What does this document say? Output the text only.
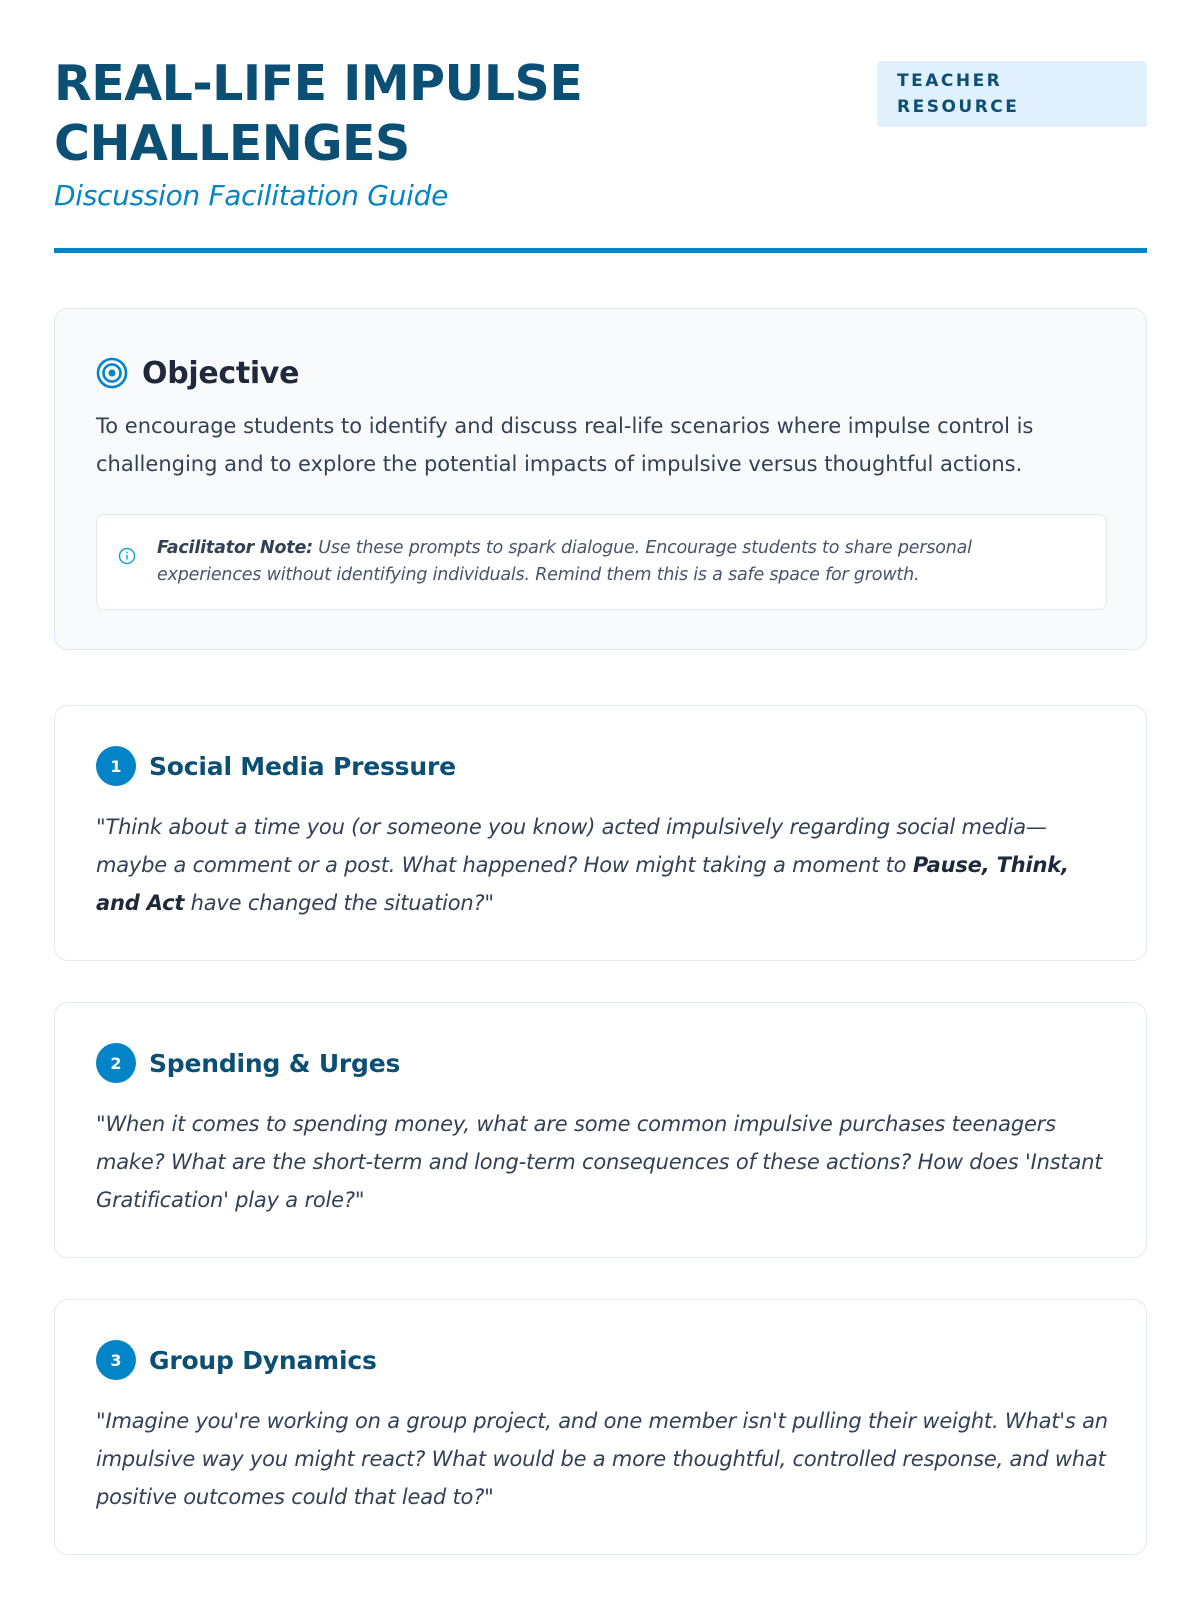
REAL-LIFE IMPULSE
CHALLENGES

Discussion Facilitation Guide

TEACHER
RESOURCE
Objective

To encourage students to identify and discuss real-life scenarios where impulse control is challenging and to explore the potential impacts of impulsive versus thoughtful actions.

Facilitator Note: Use these prompts to spark dialogue. Encourage students to share personal experiences without identifying individuals. Remind them this is a safe space for growth.

1	Social Media Pressure

"Think about a time you (or someone you know) acted impulsively regarding social media—maybe a comment or a post. What happened? How might taking a moment to Pause, Think, and Act have changed the situation?"

2	Spending & Urges

"When it comes to spending money, what are some common impulsive purchases teenagers make? What are the short-term and long-term consequences of these actions? How does 'Instant Gratification' play a role?"

3	Group Dynamics

"Imagine you're working on a group project, and one member isn't pulling their weight. What's an impulsive way you might react? What would be a more thoughtful, controlled response, and what positive outcomes could that lead to?"
